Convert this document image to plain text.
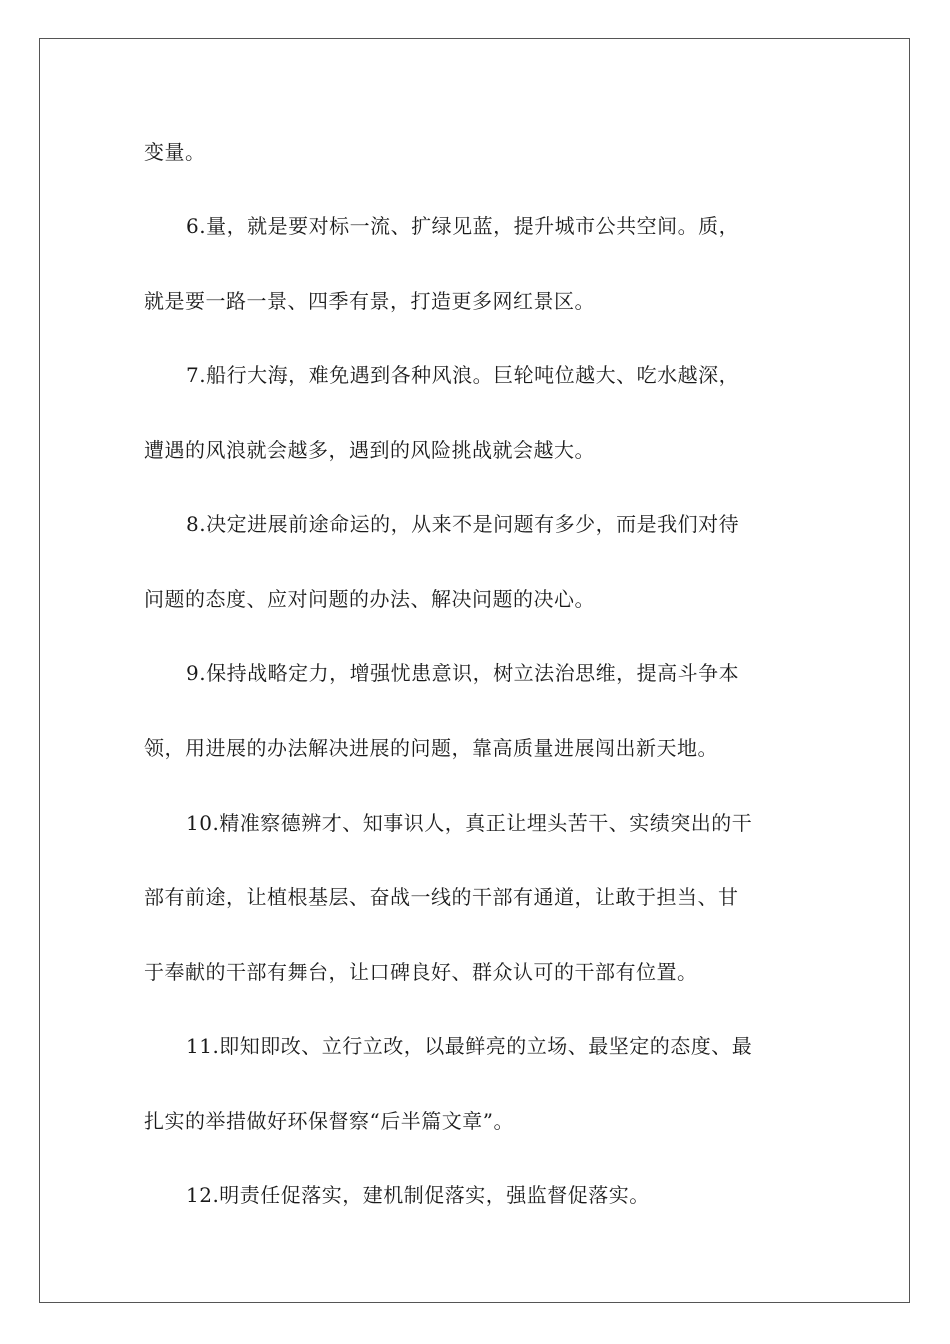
变量。
6.量，就是要对标一流、扩绿见蓝，提升城市公共空间。质，
就是要一路一景、四季有景，打造更多网红景区。
7.船行大海，难免遇到各种风浪。巨轮吨位越大、吃水越深，
遭遇的风浪就会越多，遇到的风险挑战就会越大。
8.决定进展前途命运的，从来不是问题有多少，而是我们对待
问题的态度、应对问题的办法、解决问题的决心。
9.保持战略定力，增强忧患意识，树立法治思维，提高斗争本
领，用进展的办法解决进展的问题，靠高质量进展闯出新天地。
10.精准察德辨才、知事识人，真正让埋头苦干、实绩突出的干
部有前途，让植根基层、奋战一线的干部有通道，让敢于担当、甘
于奉献的干部有舞台，让口碑良好、群众认可的干部有位置。
11.即知即改、立行立改，以最鲜亮的立场、最坚定的态度、最
扎实的举措做好环保督察“后半篇文章”。
12.明责任促落实，建机制促落实，强监督促落实。
